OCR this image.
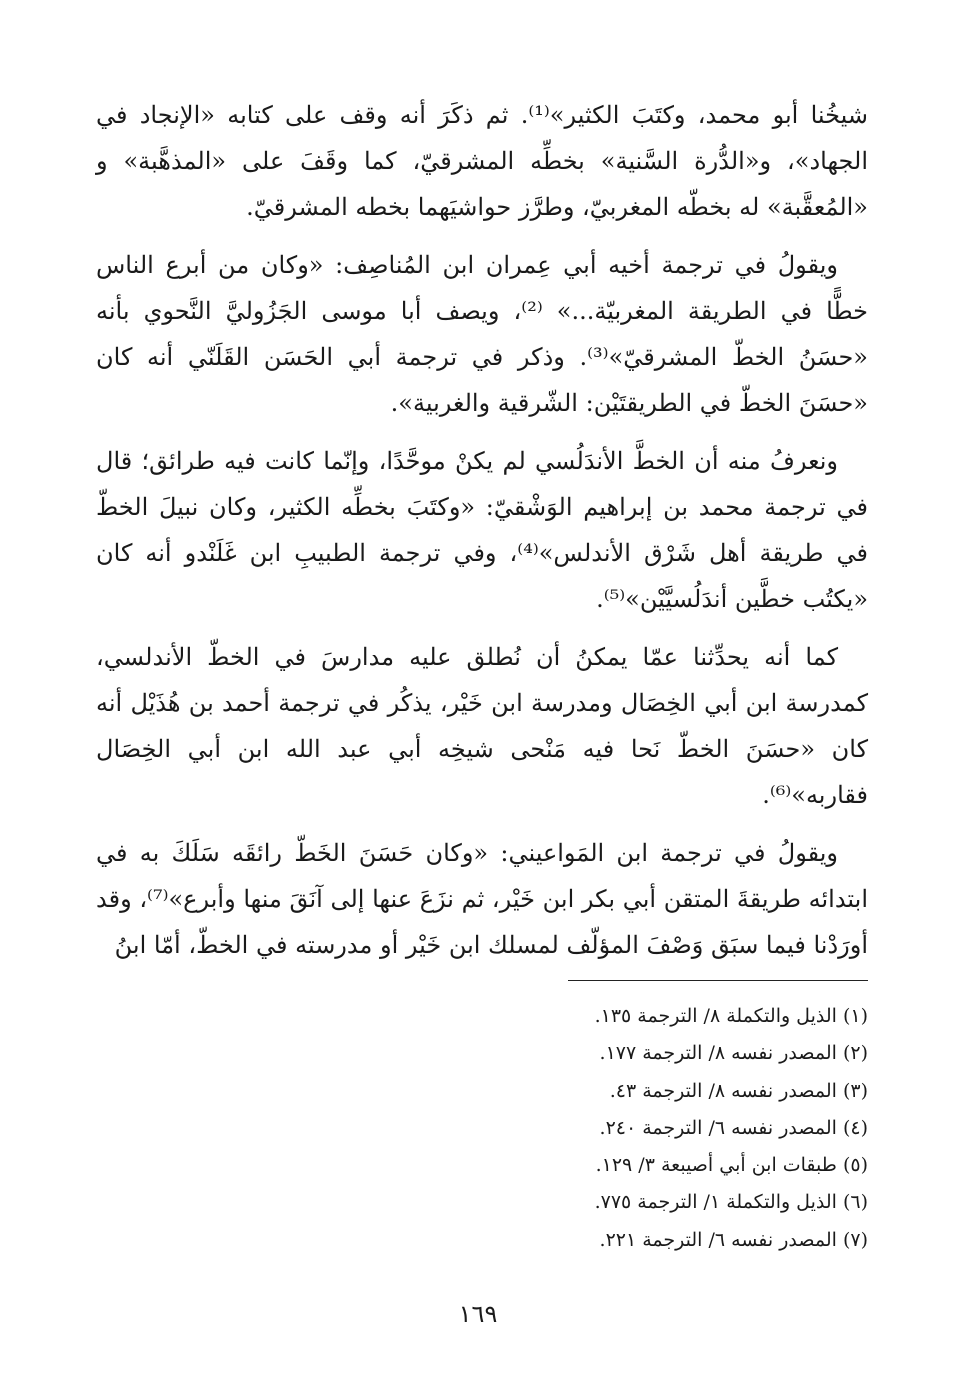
شيخُنا أبو محمد، وكتَبَ الكثير»⁽¹⁾. ثم ذكَرَ أنه وقف على كتابه «الإنجاد في الجهاد»، و«الدُّرة السَّنية» بخطِّه المشرقيّ، كما وقَفَ على «المذهَّبة» و «المُعقَّبة» له بخطّه المغربيّ، وطرَّز حواشيَهما بخطه المشرقيّ.

ويقولُ في ترجمة أخيه أبي عِمران ابن المُناصِف: «وكان من أبرع الناس خطًّا في الطريقة المغربيّة...» ⁽²⁾، ويصف أبا موسى الجَزُوليَّ النَّحوي بأنه «حسَنُ الخطّ المشرقيّ»⁽³⁾. وذكر في ترجمة أبي الحَسَن القَلَنّي أنه كان «حسَنَ الخطّ في الطريقتَيْن: الشّرقية والغربية».

ونعرفُ منه أن الخطَّ الأندَلُسي لم يكنْ موحَّدًا، وإنّما كانت فيه طرائق؛ قال في ترجمة محمد بن إبراهيم الوَشْقيّ: «وكتَبَ بخطِّه الكثير، وكان نبيلَ الخطّ في طريقة أهل شَرْق الأندلس»⁽⁴⁾، وفي ترجمة الطبيبِ ابن غَلَنْدو أنه كان «يكتُب خطَّين أندَلُسيَّيْن»⁽⁵⁾.

كما أنه يحدِّثنا عمّا يمكنُ أن نُطلق عليه مدارسَ في الخطّ الأندلسي، كمدرسة ابن أبي الخِصَال ومدرسة ابن خَيْر، يذكُر في ترجمة أحمد بن هُذَيْل أنه كان «حسَنَ الخطّ نَحا فيه مَنْحى شيخِه أبي عبد الله ابن أبي الخِصَال فقاربه»⁽⁶⁾.

ويقولُ في ترجمة ابن المَواعيني: «وكان حَسَنَ الخَطّ رائقَه سَلَكَ به في ابتدائه طريقةَ المتقن أبي بكر ابن خَيْر، ثم نزَعَ عنها إلى آنَقَ منها وأبرع»⁽⁷⁾، وقد أورَدْنا فيما سبَق وَصْفَ المؤلّف لمسلك ابن خَيْر أو مدرسته في الخطّ، أمّا ابنُ

(١) الذيل والتكملة ٨/ الترجمة ١٣٥.

(٢) المصدر نفسه ٨/ الترجمة ١٧٧.

(٣) المصدر نفسه ٨/ الترجمة ٤٣.

(٤) المصدر نفسه ٦/ الترجمة ٢٤٠.

(٥) طبقات ابن أبي أصيبعة ٣/ ١٢٩.

(٦) الذيل والتكملة ١/ الترجمة ٧٧٥.

(٧) المصدر نفسه ٦/ الترجمة ٢٢١.

١٦٩
